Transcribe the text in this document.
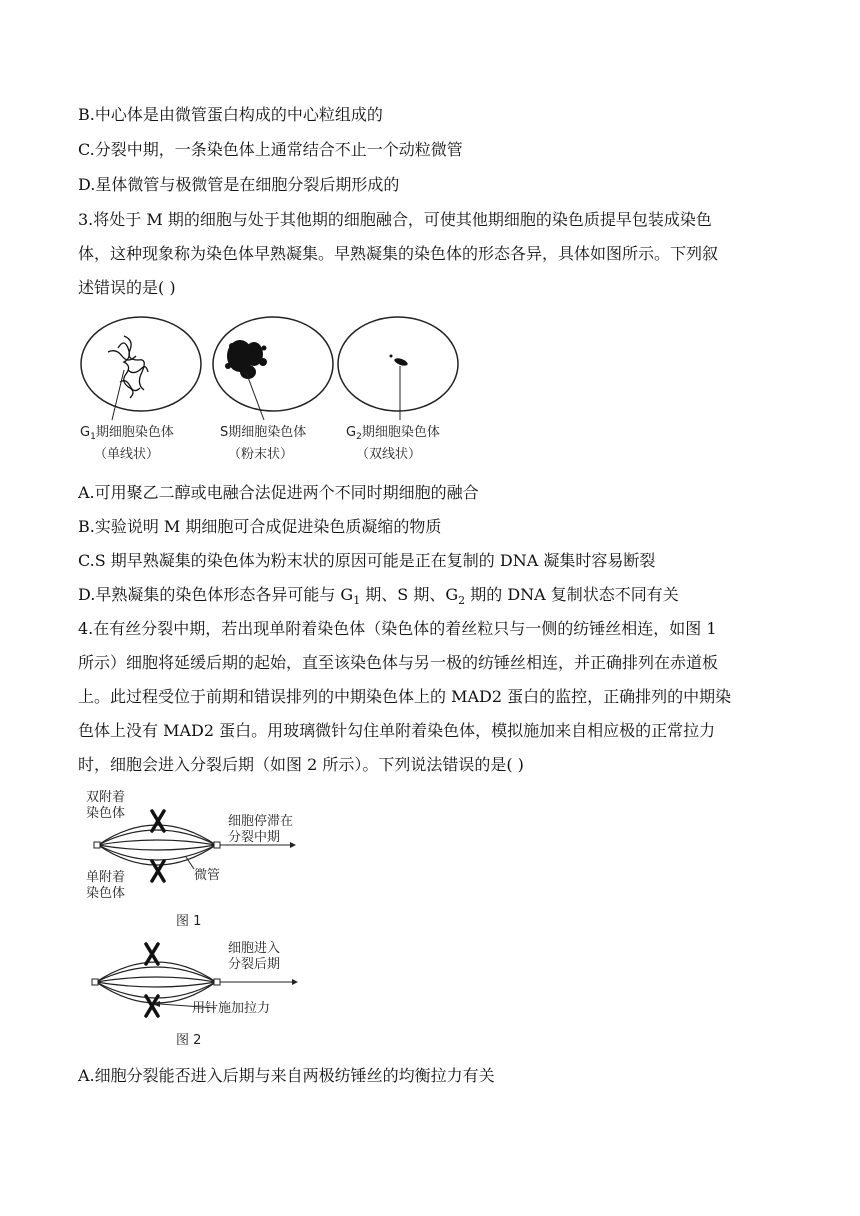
B.中心体是由微管蛋白构成的中心粒组成的
C.分裂中期，一条染色体上通常结合不止一个动粒微管
D.星体微管与极微管是在细胞分裂后期形成的
3.将处于 M 期的细胞与处于其他期的细胞融合，可使其他期细胞的染色质提早包装成染色
体，这种现象称为染色体早熟凝集。早熟凝集的染色体的形态各异，具体如图所示。下列叙
述错误的是( )
$G_1$期细胞染色体
（单线状）
S期细胞染色体
（粉末状）
$G_2$期细胞染色体
（双线状）
A.可用聚乙二醇或电融合法促进两个不同时期细胞的融合
B.实验说明 M 期细胞可合成促进染色质凝缩的物质
C.S 期早熟凝集的染色体为粉末状的原因可能是正在复制的 DNA 凝集时容易断裂
D.早熟凝集的染色体形态各异可能与 $G_1$ 期、S 期、$G_2$ 期的 DNA 复制状态不同有关
4.在有丝分裂中期，若出现单附着染色体（染色体的着丝粒只与一侧的纺锤丝相连，如图 1
所示）细胞将延缓后期的起始，直至该染色体与另一极的纺锤丝相连，并正确排列在赤道板
上。此过程受位于前期和错误排列的中期染色体上的 MAD2 蛋白的监控，正确排列的中期染
色体上没有 MAD2 蛋白。用玻璃微针勾住单附着染色体，模拟施加来自相应极的正常拉力
时，细胞会进入分裂后期（如图 2 所示）。下列说法错误的是( )
双附着
染色体
细胞停滞在
分裂中期
微管
单附着
染色体
图 1
细胞进入
分裂后期
用针施加拉力
图 2
A.细胞分裂能否进入后期与来自两极纺锤丝的均衡拉力有关
